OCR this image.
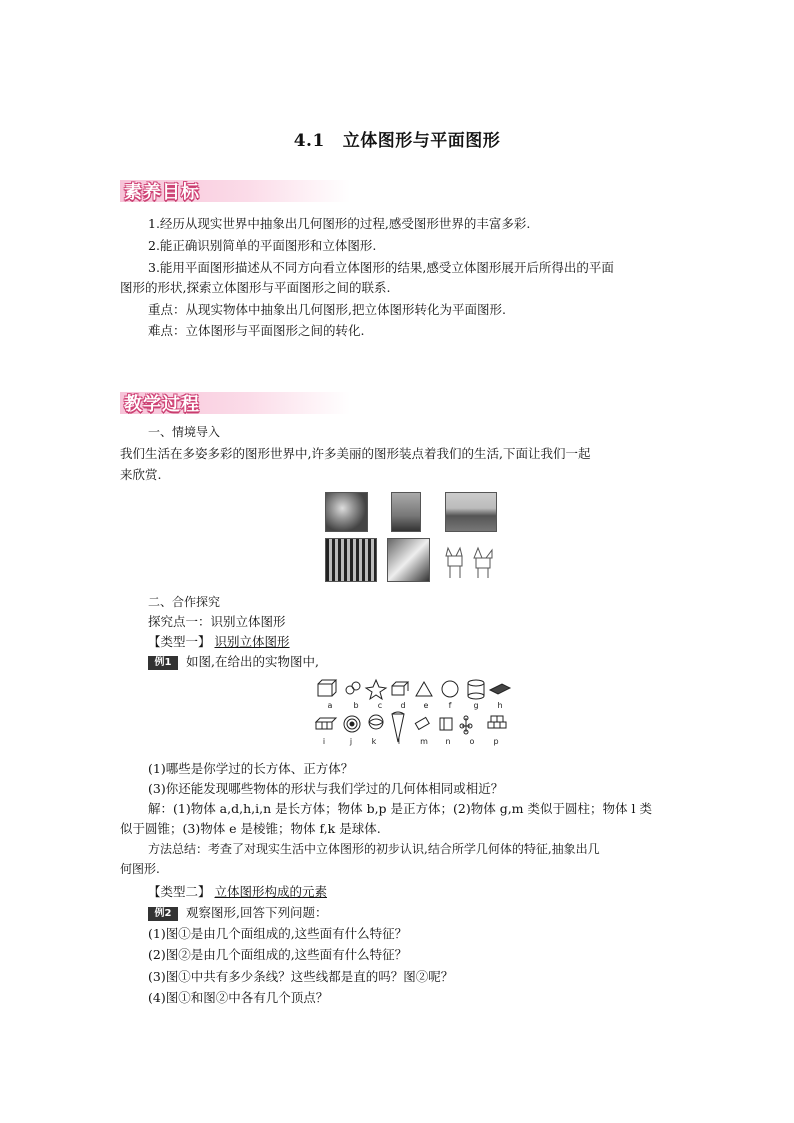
4.1 立体图形与平面图形
素养目标
1.经历从现实世界中抽象出几何图形的过程,感受图形世界的丰富多彩.
2.能正确识别简单的平面图形和立体图形.
3.能用平面图形描述从不同方向看立体图形的结果,感受立体图形展开后所得出的平面
图形的形状,探索立体图形与平面图形之间的联系.
重点：从现实物体中抽象出几何图形,把立体图形转化为平面图形.
难点：立体图形与平面图形之间的转化.
教学过程
一、情境导入
我们生活在多姿多彩的图形世界中,许多美丽的图形装点着我们的生活,下面让我们一起
来欣赏.
二、合作探究
探究点一：识别立体图形
【类型一】 识别立体图形
例1 如图,在给出的实物图中,
a	b	c	d	e	f	g	h
i	j	k	l	m	n	o	p
(1)哪些是你学过的长方体、正方体？
(3)你还能发现哪些物体的形状与我们学过的几何体相同或相近？
解：(1)物体 a,d,h,i,n 是长方体；物体 b,p 是正方体；(2)物体 g,m 类似于圆柱；物体 l 类
似于圆锥；(3)物体 e 是棱锥；物体 f,k 是球体.
方法总结：考查了对现实生活中立体图形的初步认识,结合所学几何体的特征,抽象出几
何图形.
【类型二】 立体图形构成的元素
例2 观察图形,回答下列问题：
(1)图①是由几个面组成的,这些面有什么特征？
(2)图②是由几个面组成的,这些面有什么特征？
(3)图①中共有多少条线？这些线都是直的吗？图②呢？
(4)图①和图②中各有几个顶点？
